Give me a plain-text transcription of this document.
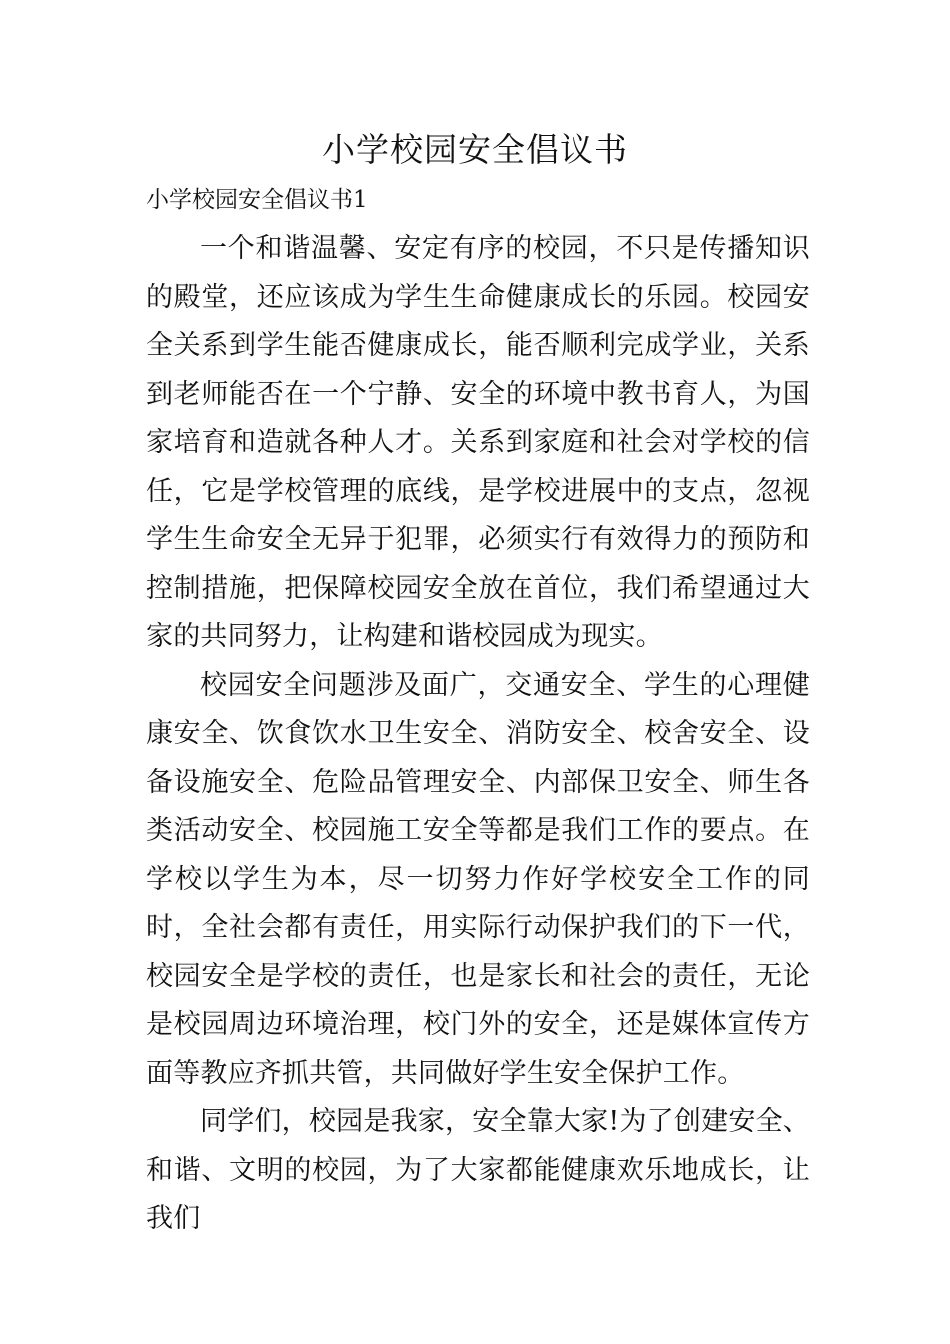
小学校园安全倡议书
小学校园安全倡议书1

一个和谐温馨、安定有序的校园，不只是传播知识的殿堂，还应该成为学生生命健康成长的乐园。校园安全关系到学生能否健康成长，能否顺利完成学业，关系到老师能否在一个宁静、安全的环境中教书育人，为国家培育和造就各种人才。关系到家庭和社会对学校的信任，它是学校管理的底线，是学校进展中的支点，忽视学生生命安全无异于犯罪，必须实行有效得力的预防和控制措施，把保障校园安全放在首位，我们希望通过大家的共同努力，让构建和谐校园成为现实。

校园安全问题涉及面广，交通安全、学生的心理健康安全、饮食饮水卫生安全、消防安全、校舍安全、设备设施安全、危险品管理安全、内部保卫安全、师生各类活动安全、校园施工安全等都是我们工作的要点。在学校以学生为本，尽一切努力作好学校安全工作的同时，全社会都有责任，用实际行动保护我们的下一代，校园安全是学校的责任，也是家长和社会的责任，无论是校园周边环境治理，校门外的安全，还是媒体宣传方面等教应齐抓共管，共同做好学生安全保护工作。

同学们，校园是我家，安全靠大家!为了创建安全、和谐、文明的校园，为了大家都能健康欢乐地成长，让我们
